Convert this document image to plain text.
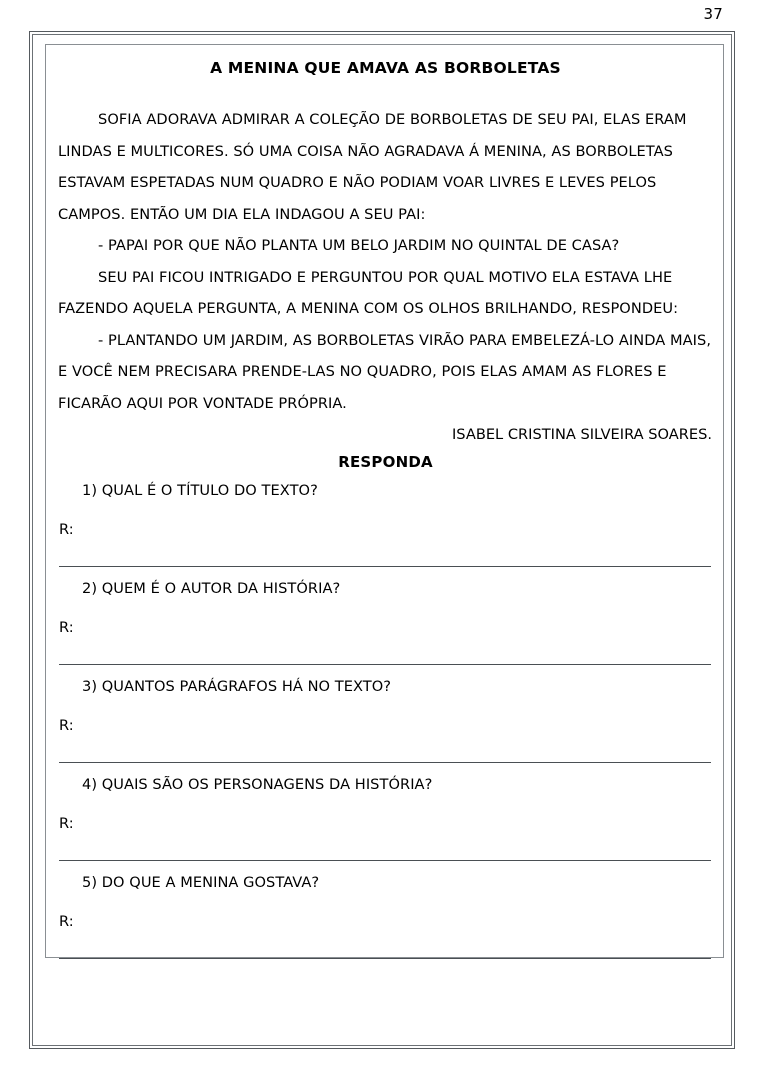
37
A MENINA QUE AMAVA AS BORBOLETAS

SOFIA ADORAVA ADMIRAR A COLEÇÃO DE BORBOLETAS DE SEU PAI, ELAS ERAM LINDAS E MULTICORES. SÓ UMA COISA NÃO AGRADAVA Á MENINA, AS BORBOLETAS ESTAVAM ESPETADAS NUM QUADRO E NÃO PODIAM VOAR LIVRES E LEVES PELOS CAMPOS. ENTÃO UM DIA ELA INDAGOU A SEU PAI:

- PAPAI POR QUE NÃO PLANTA UM BELO JARDIM NO QUINTAL DE CASA?

SEU PAI FICOU INTRIGADO E PERGUNTOU POR QUAL MOTIVO ELA ESTAVA LHE FAZENDO AQUELA PERGUNTA, A MENINA COM OS OLHOS BRILHANDO, RESPONDEU:

- PLANTANDO UM JARDIM, AS BORBOLETAS VIRÃO PARA EMBELEZÁ-LO AINDA MAIS, E VOCÊ NEM PRECISARA PRENDE-LAS NO QUADRO, POIS ELAS AMAM AS FLORES E FICARÃO AQUI POR VONTADE PRÓPRIA.

ISABEL CRISTINA SILVEIRA SOARES.
RESPONDA
1) QUAL É O TÍTULO DO TEXTO?
R:
2) QUEM É O AUTOR DA HISTÓRIA?
R:
3) QUANTOS PARÁGRAFOS HÁ NO TEXTO?
R:
4) QUAIS SÃO OS PERSONAGENS DA HISTÓRIA?
R:
5) DO QUE A MENINA GOSTAVA?
R:
